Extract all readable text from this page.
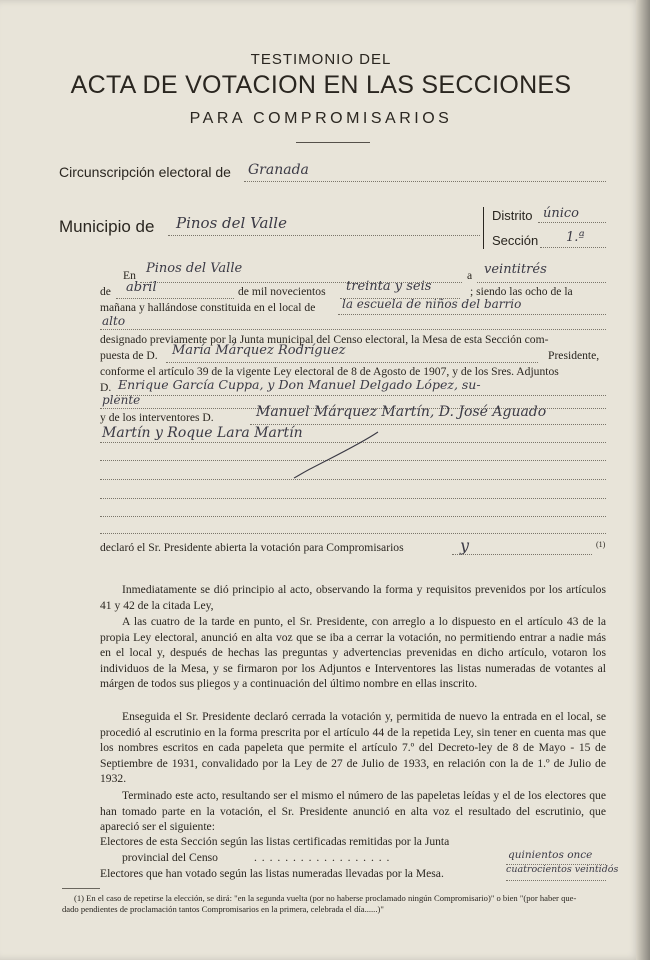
TESTIMONIO DEL
ACTA DE VOTACION EN LAS SECCIONES
PARA COMPROMISARIOS
Circunscripción electoral de Granada
Municipio de Pinos del Valle	Distrito único
Sección 1.ª
En Pinos del Valle	a veintitrés
de abril	de mil novecientos treinta y seis	; siendo las ocho de la
mañana y hallándose constituida en el local de la escuela de niños del barrio
alto
designado previamente por la Junta municipal del Censo electoral, la Mesa de esta Sección com-
puesta de D. María Márquez Rodríguez	Presidente,
conforme el artículo 39 de la vigente Ley electoral de 8 de Agosto de 1907, y de los Sres. Adjuntos
D. Enrique García Cuppa, y Don Manuel Delgado López, su-
plente
y de los interventores D.	Manuel Márquez Martín, D. José Aguado
Martín y Roque Lara Martín
declaró el Sr. Presidente abierta la votación para Compromisarios	y	(1)
Inmediatamente se dió principio al acto, observando la forma y requisitos prevenidos por los artículos 41 y 42 de la citada Ley,
A las cuatro de la tarde en punto, el Sr. Presidente, con arreglo a lo dispuesto en el artículo 43 de la propia Ley electoral, anunció en alta voz que se iba a cerrar la votación, no permitiendo entrar a nadie más en el local y, después de hechas las preguntas y advertencias prevenidas en dicho artículo, votaron los individuos de la Mesa, y se firmaron por los Adjuntos e Interventores las listas numeradas de votantes al márgen de todos sus pliegos y a continuación del último nombre en ellas inscrito.
Enseguida el Sr. Presidente declaró cerrada la votación y, permitida de nuevo la entrada en el local, se procedió al escrutinio en la forma prescrita por el artículo 44 de la repetida Ley, sin tener en cuenta mas que los nombres escritos en cada papeleta que permite el artículo 7.º del Decreto-ley de 8 de Mayo - 15 de Septiembre de 1931, convalidado por la Ley de 27 de Julio de 1933, en relación con la de 1.º de Julio de 1932.
Terminado este acto, resultando ser el mismo el número de las papeletas leídas y el de los electores que han tomado parte en la votación, el Sr. Presidente anunció en alta voz el resultado del escrutinio, que apareció ser el siguiente:
Electores de esta Sección según las listas certificadas remitidas por la Junta
provincial del Censo	. . . . . . . . . . . . . . . . . .	quinientos once
Electores que han votado según las listas numeradas llevadas por la Mesa.	cuatrocientos veintidós
(1) En el caso de repetirse la elección, se dirá: "en la segunda vuelta (por no haberse proclamado ningún Compromisario)" o bien "(por haber que-
dado pendientes de proclamación tantos Compromisarios en la primera, celebrada el día......)"
